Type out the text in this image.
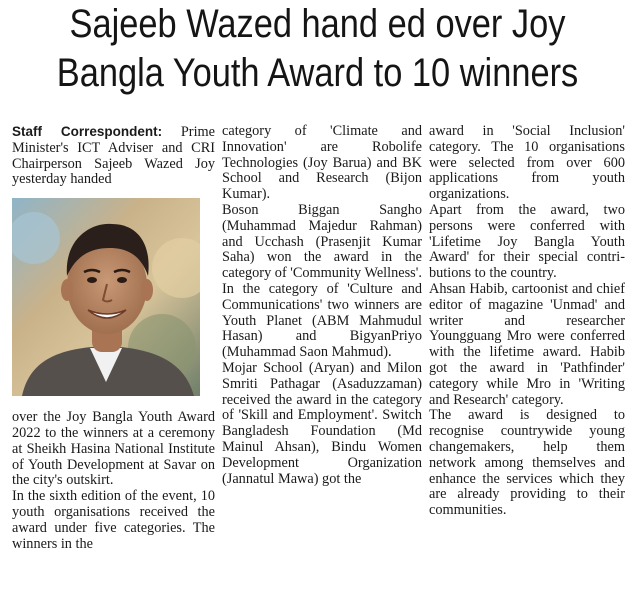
Sajeeb Wazed hand ed over Joy
Bangla Youth Award to 10 winners

Staff Correspondent: Prime Minister's ICT Adviser and CRI Chairperson Sajeeb Wazed Joy yesterday handed

over the Joy Bangla Youth Award 2022 to the winners at a ceremony at Sheikh Hasina National Institute of Youth Development at Savar on the city's outskirt.

In the sixth edition of the event, 10 youth organisations received the award under five categories. The winners in the

category of 'Climate and Innovation' are Robolife Technologies (Joy Barua) and BK School and Research (Bijon Kumar).

Boson Biggan Sangho (Muhammad Majedur Rahman) and Ucchash (Prasenjit Kumar Saha) won the award in the category of 'Community Wellness'.

In the category of 'Culture and Communications' two winners are Youth Planet (ABM Mahmudul Hasan) and BigyanPriyo (Muhammad Saon Mahmud).

Mojar School (Aryan) and Milon Smriti Pathagar (Asaduzzaman) received the award in the category of 'Skill and Employment'. Switch Bangladesh Foundation (Md Mainul Ahsan), Bindu Women Development Organization (Jannatul Mawa) got the

award in 'Social Inclusion' category. The 10 organisations were selected from over 600 applications from youth organizations.

Apart from the award, two persons were conferred with 'Lifetime Joy Bangla Youth Award' for their special contributions to the country.

Ahsan Habib, cartoonist and chief editor of magazine 'Unmad' and writer and researcher Youngguang Mro were conferred with the lifetime award. Habib got the award in 'Pathfinder' category while Mro in 'Writing and Research' category.

The award is designed to recognise countrywide young changemakers, help them network among themselves and enhance the services which they are already providing to their communities.
